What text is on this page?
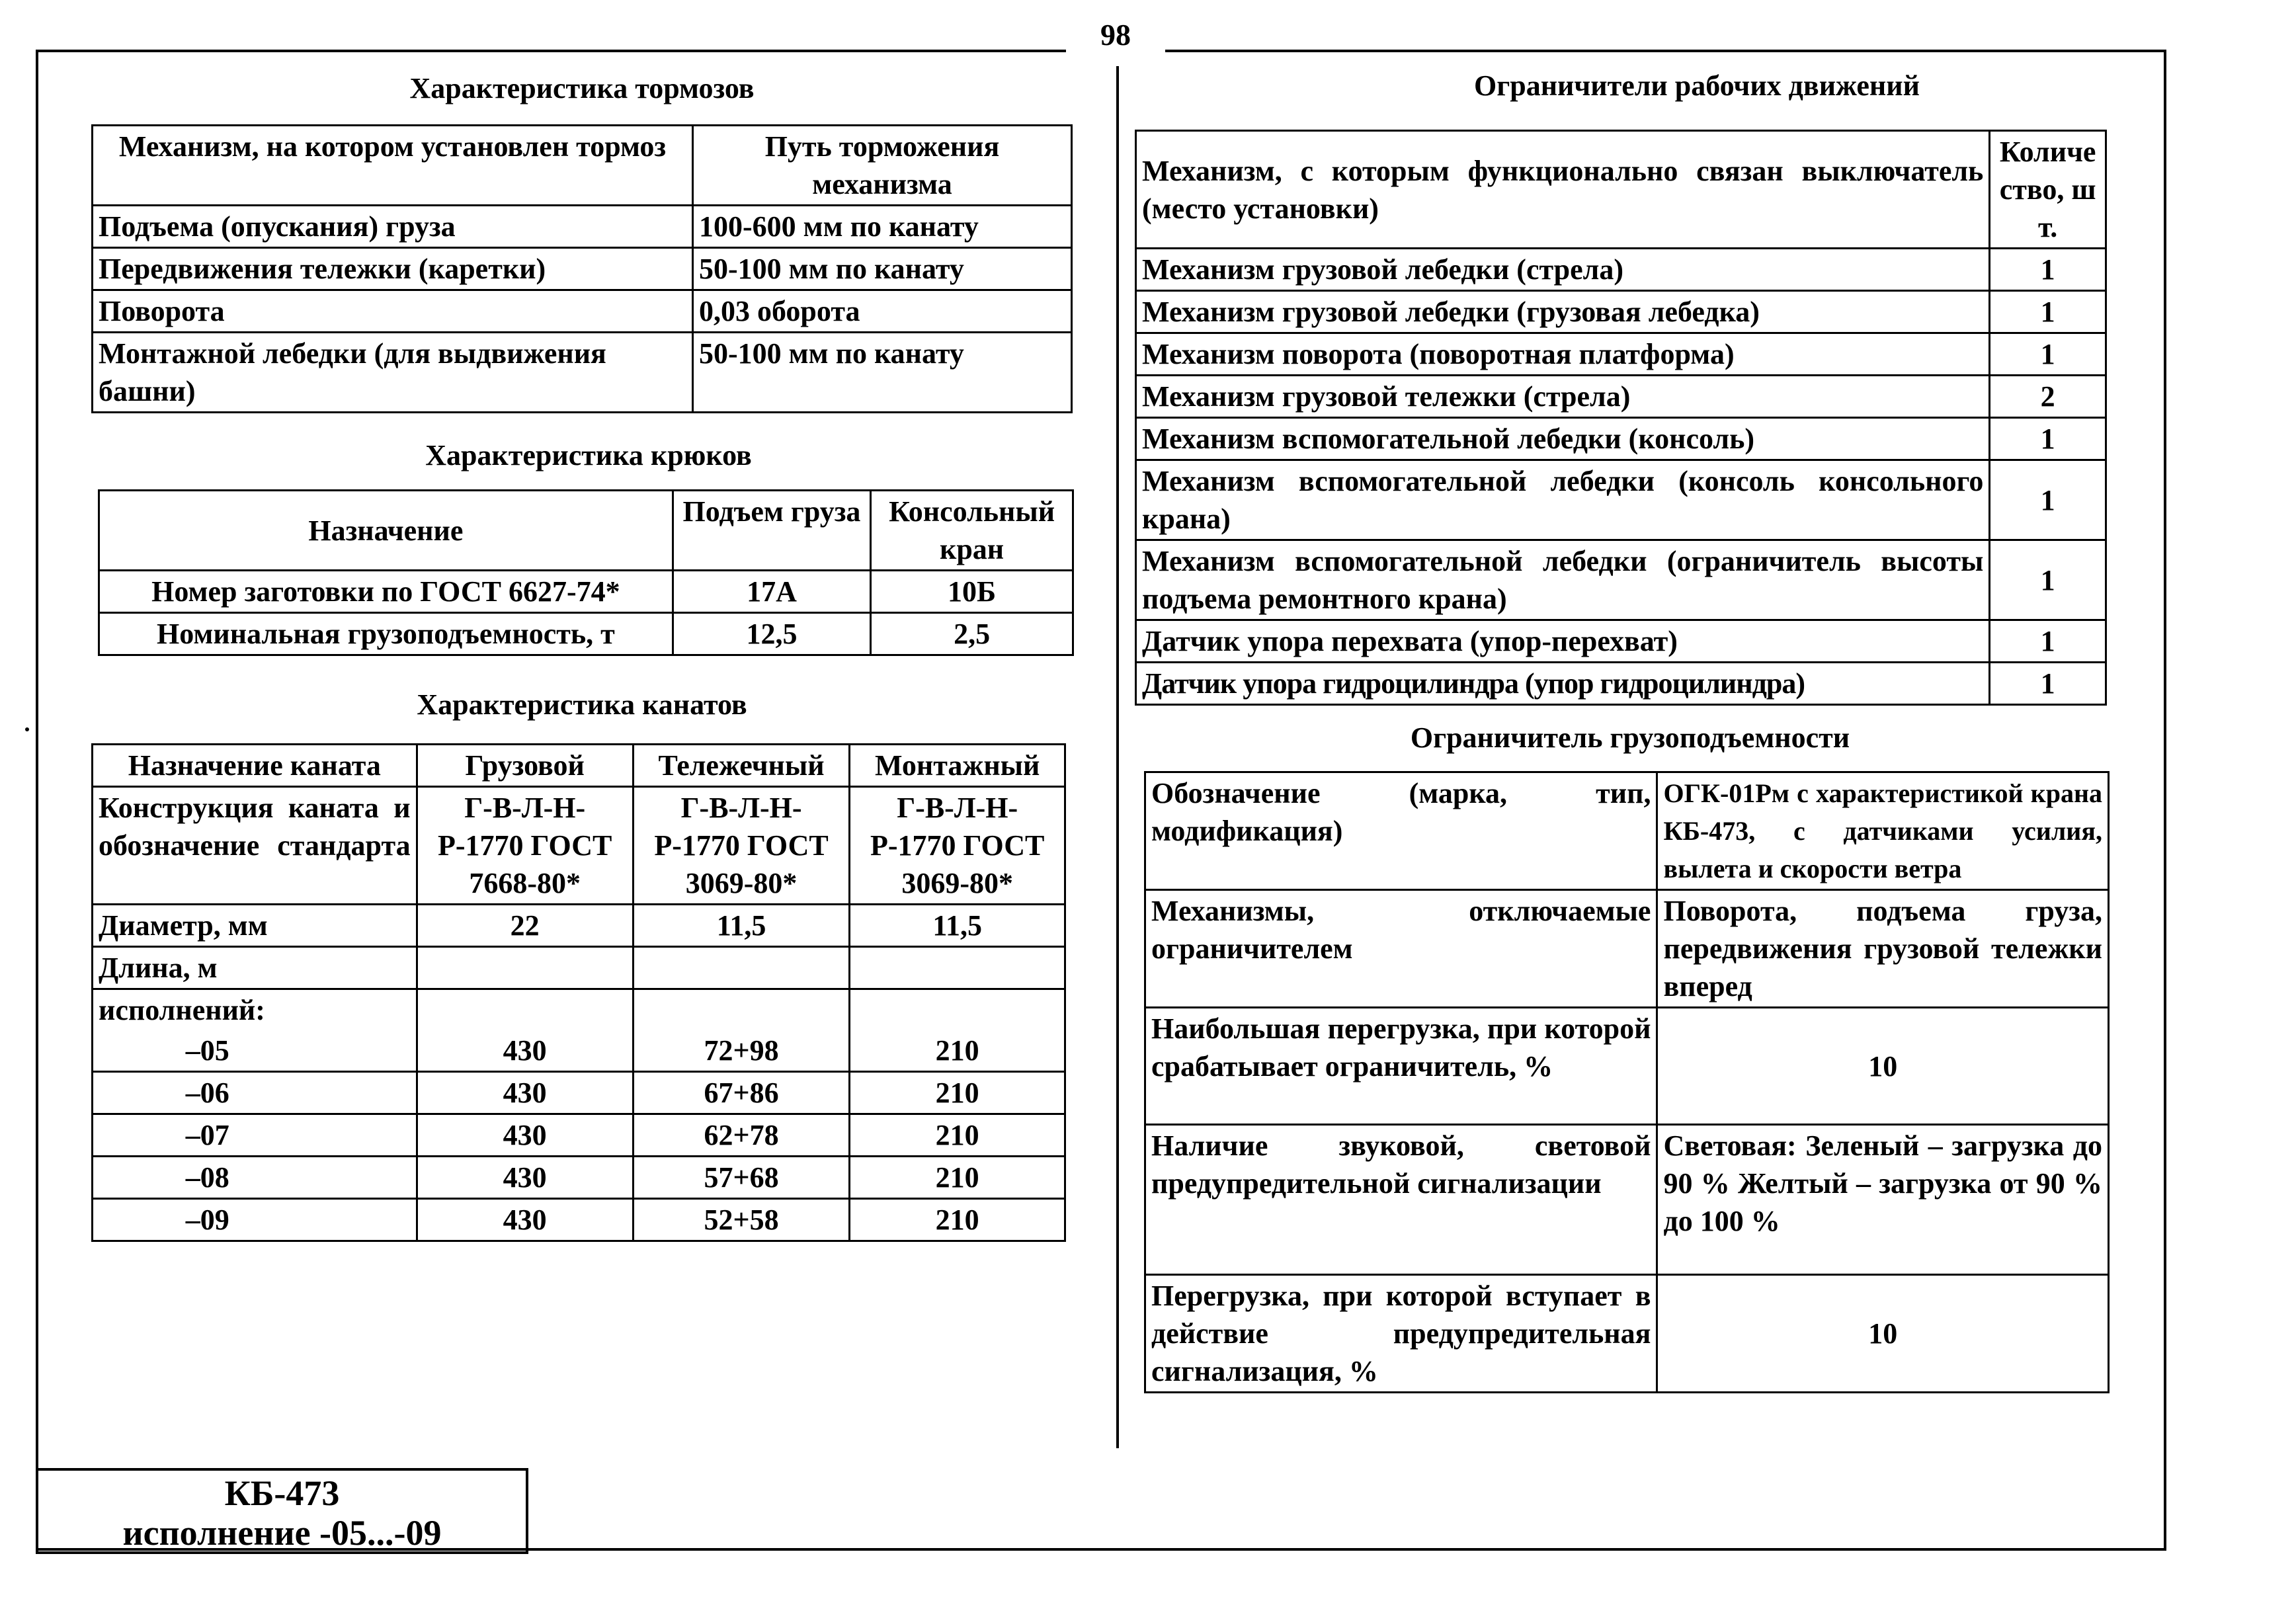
98
Характеристика тормозов
Механизм, на котором установлен тормоз	Путь торможения механизма
Подъема (опускания) груза	100-600 мм по канату
Передвижения тележки (каретки)	50-100 мм по канату
Поворота	0,03 оборота
Монтажной лебедки (для выдвижения башни)	50-100 мм по канату
Характеристика крюков
Назначение	Подъем груза	Консольный кран
Номер заготовки по ГОСТ 6627-74*	17А	10Б
Номинальная грузоподъемность, т	12,5	2,5
Характеристика канатов
Назначение каната	Грузовой	Тележечный	Монтажный
Конструкция каната и обозначение стандарта	Г-В-Л-Н-Р-1770 ГОСТ 7668-80*	Г-В-Л-Н-Р-1770 ГОСТ 3069-80*	Г-В-Л-Н-Р-1770 ГОСТ 3069-80*
Диаметр, мм	22	11,5	11,5
Длина, м			
исполнений:			
–05	430	72+98	210
–06	430	67+86	210
–07	430	62+78	210
–08	430	57+68	210
–09	430	52+58	210
Ограничители рабочих движений
Механизм, с которым функционально связан выключатель (место установки)	Количество, шт.
Механизм грузовой лебедки (стрела)	1
Механизм грузовой лебедки (грузовая лебедка)	1
Механизм поворота (поворотная платформа)	1
Механизм грузовой тележки (стрела)	2
Механизм вспомогательной лебедки (консоль)	1
Механизм вспомогательной лебедки (консоль консольного крана)	1
Механизм вспомогательной лебедки (ограничитель высоты подъема ремонтного крана)	1
Датчик упора перехвата (упор-перехват)	1
Датчик упора гидроцилиндра (упор гидроцилиндра)	1
Ограничитель грузоподъемности
Обозначение (марка, тип, модификация)	ОГК-01Рм с характеристикой крана КБ-473, с датчиками усилия, вылета и скорости ветра
Механизмы, отключаемые ограничителем	Поворота, подъема груза, передвижения грузовой тележки вперед
Наибольшая перегрузка, при которой срабатывает ограничитель, %	10
Наличие звуковой, световой предупредительной сигнализации	Световая: Зеленый – загрузка до 90 % Желтый – загрузка от 90 % до 100 %
Перегрузка, при которой вступает в действие предупредительная сигнализация, %	10
КБ-473
исполнение -05...-09
